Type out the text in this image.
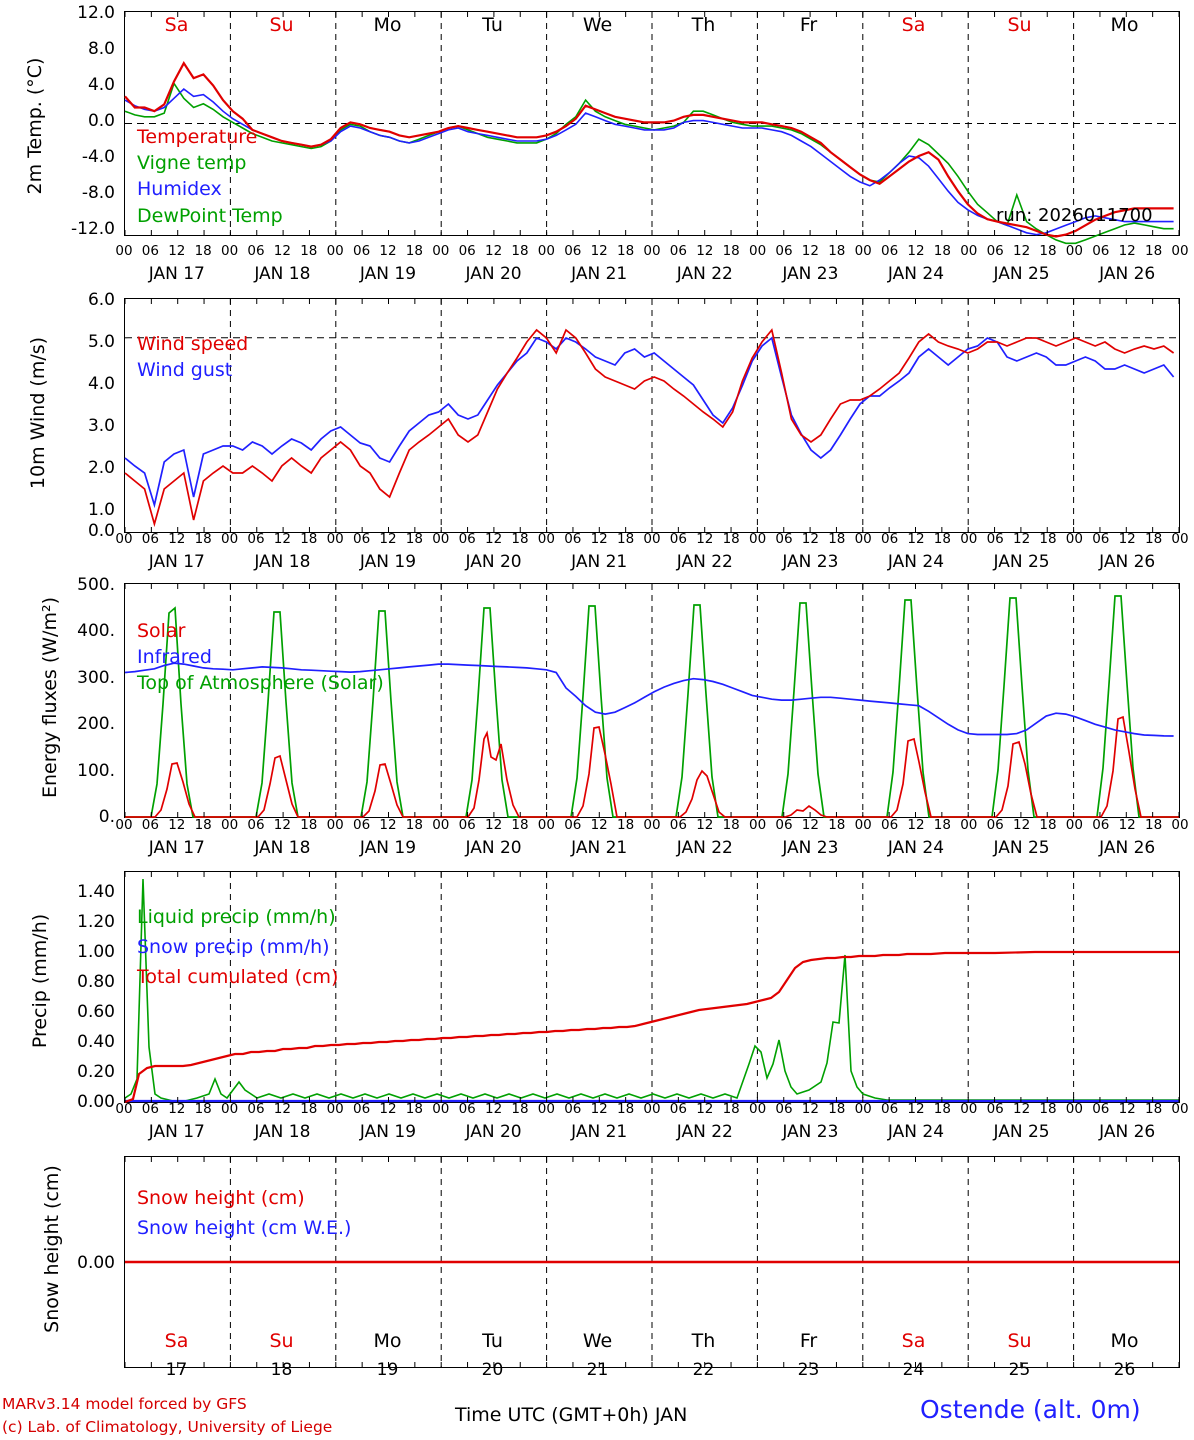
2m Temp. (°C)
12.0
8.0
4.0
0.0
-4.0
-8.0
-12.0
Sa	Su	Mo	Tu	We	Th	Fr	Sa	Su	Mo
Temperature
Vigne temp
Humidex
DewPoint Temp	run: 2026011700
10m Wind (m/s)
6.0
5.0
4.0
3.0
2.0
1.0
0.0
Wind speed
Wind gust
Energy fluxes (W/m²)
500.
400.
300.
200.
100.
0.
Solar
Infrared
Top of Atmosphere (Solar)
Precip (mm/h)
1.40
1.20
1.00
0.80
0.60
0.40
0.20
0.00
Liquid precip (mm/h)
Snow precip (mm/h)
Total cumulated (cm)
Snow height (cm) 0.00
Snow height (cm)
Snow height (cm W.E.)
Sa	Su	Mo	Tu	We	Th	Fr	Sa	Su	Mo
17	18	19	20	21	22	23	24	25	26
MARv3.14 model forced by GFS
(c) Lab. of Climatology, University of Liege
Time UTC (GMT+0h) JAN	Ostende (alt. 0m)
00 06 12 18 00 06 12 18 00 06 12 18 00 06 12 18 00 06 12 18 00 06 12 18 00 06 12 18 00 06 12 18 00 06 12 18 00 06 12 18 00
JAN 17	JAN 18	JAN 19	JAN 20	JAN 21	JAN 22	JAN 23	JAN 24	JAN 25	JAN 26
00 06 12 18 00 06 12 18 00 06 12 18 00 06 12 18 00 06 12 18 00 06 12 18 00 06 12 18 00 06 12 18 00 06 12 18 00 06 12 18 00
JAN 17	JAN 18	JAN 19	JAN 20	JAN 21	JAN 22	JAN 23	JAN 24	JAN 25	JAN 26
00 06 12 18 00 06 12 18 00 06 12 18 00 06 12 18 00 06 12 18 00 06 12 18 00 06 12 18 00 06 12 18 00 06 12 18 00 06 12 18 00
JAN 17	JAN 18	JAN 19	JAN 20	JAN 21	JAN 22	JAN 23	JAN 24	JAN 25	JAN 26
00 06 12 18 00 06 12 18 00 06 12 18 00 06 12 18 00 06 12 18 00 06 12 18 00 06 12 18 00 06 12 18 00 06 12 18 00 06 12 18 00
JAN 17	JAN 18	JAN 19	JAN 20	JAN 21	JAN 22	JAN 23	JAN 24	JAN 25	JAN 26
